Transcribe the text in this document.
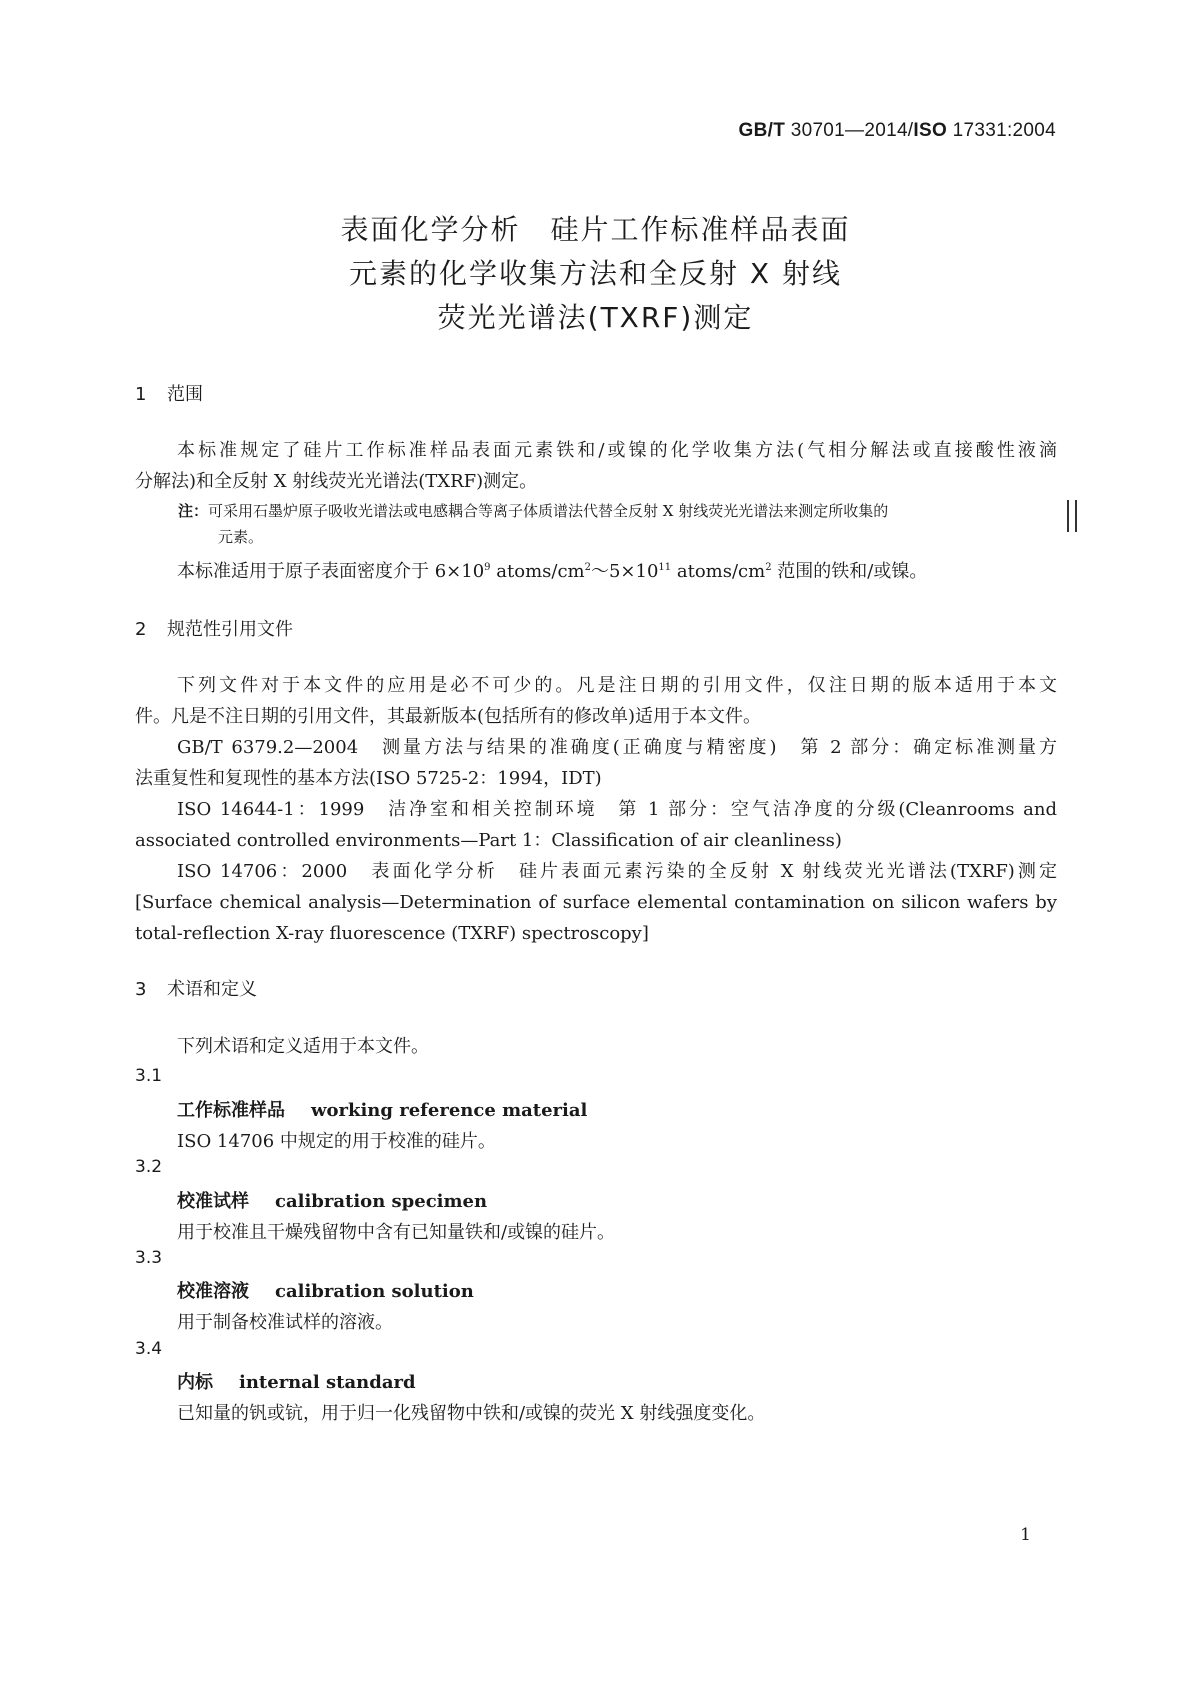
GB/T 30701—2014/ISO 17331:2004
表面化学分析　硅片工作标准样品表面
元素的化学收集方法和全反射 X 射线
荧光光谱法(TXRF)测定
1 范围
本标准规定了硅片工作标准样品表面元素铁和/或镍的化学收集方法(气相分解法或直接酸性液滴
分解法)和全反射 X 射线荧光光谱法(TXRF)测定。
注：可采用石墨炉原子吸收光谱法或电感耦合等离子体质谱法代替全反射 X 射线荧光光谱法来测定所收集的
元素。
本标准适用于原子表面密度介于 $6\times 10^9$ atoms/$cm^2\sim 5\times 10^{11}$ atoms/$cm^2$ 范围的铁和/或镍。
2 规范性引用文件
下列文件对于本文件的应用是必不可少的。凡是注日期的引用文件，仅注日期的版本适用于本文
件。凡是不注日期的引用文件，其最新版本(包括所有的修改单)适用于本文件。
GB/T 6379.2—2004　测量方法与结果的准确度(正确度与精密度)　第 2 部分：确定标准测量方
法重复性和复现性的基本方法(ISO 5725-2：1994，IDT)
ISO 14644-1：1999　洁净室和相关控制环境　第 1 部分：空气洁净度的分级(Cleanrooms and
associated controlled environments—Part 1：Classification of air cleanliness)
ISO 14706：2000　表面化学分析　硅片表面元素污染的全反射 X 射线荧光光谱法(TXRF)测定
[Surface chemical analysis—Determination of surface elemental contamination on silicon wafers by
total-reflection X-ray fluorescence (TXRF) spectroscopy]
3 术语和定义
下列术语和定义适用于本文件。
3.1
工作标准样品 working reference material
ISO 14706 中规定的用于校准的硅片。
3.2
校准试样 calibration specimen
用于校准且干燥残留物中含有已知量铁和/或镍的硅片。
3.3
校准溶液 calibration solution
用于制备校准试样的溶液。
3.4
内标 internal standard
已知量的钒或钪，用于归一化残留物中铁和/或镍的荧光 X 射线强度变化。
1
